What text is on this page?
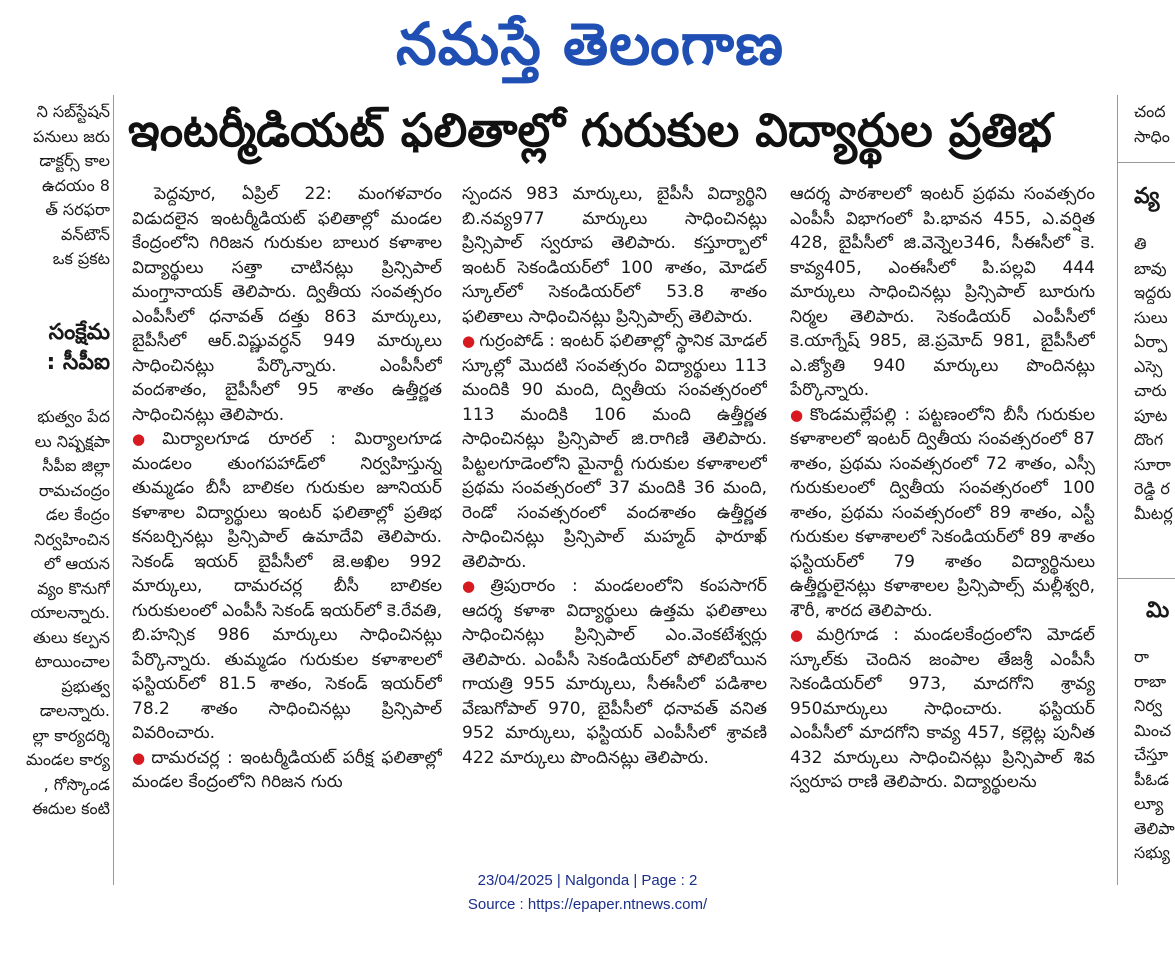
నమస్తే తెలంగాణ
ఇంటర్మీడియట్ ఫలితాల్లో గురుకుల విద్యార్థుల ప్రతిభ
ని సబ్‌స్టేషన్
పనులు జరు
డాక్టర్స్ కాల
ఉదయం 8
త్ సరఫరా
వన్‌టౌన్
ఒక ప్రకట
సంక్షేమ
: సీపీఐ
భుత్వం పేద
లు నిష్పక్షపా
సీపీఐ జిల్లా
రామచంద్రం
డల కేంద్రం
నిర్వహించిన
లో ఆయన
వ్యం కొనుగో
యాలన్నారు.
తులు కల్పన
టాయించాల
ప్రభుత్వ
డాలన్నారు.
ల్లా కార్యదర్శి
మండల కార్య
, గోస్కొండ
ఈదుల కంటి

పెద్దవూర, ఏప్రిల్ 22: మంగళవారం విడుదలైన ఇంటర్మీడియట్ ఫలితాల్లో మండల కేంద్రంలోని గిరిజన గురుకుల బాలుర కళాశాల విద్యార్థులు సత్తా చాటినట్లు ప్రిన్సిపాల్ మంగ్తానాయక్ తెలిపారు. ద్వితీయ సంవత్సరం ఎంపీసీలో ధనావత్ దత్తు 863 మార్కులు, బైపీసీలో ఆర్.విష్ణువర్ధన్ 949 మార్కులు సాధించినట్లు పేర్కొన్నారు. ఎంపీసీలో వందశాతం, బైపీసీలో 95 శాతం ఉత్తీర్ణత సాధించినట్లు తెలిపారు.

● మిర్యాలగూడ రూరల్ : మిర్యాలగూడ మండలం తుంగపహాడ్‌లో నిర్వహిస్తున్న తుమ్మడం బీసీ బాలికల గురుకుల జూనియర్ కళాశాల విద్యార్థులు ఇంటర్ ఫలితాల్లో ప్రతిభ కనబర్చినట్లు ప్రిన్సిపాల్ ఉమాదేవి తెలిపారు. సెకండ్ ఇయర్ బైపీసీలో జె.అఖిల 992 మార్కులు, దామరచర్ల బీసీ బాలికల గురుకులంలో ఎంపీసీ సెకండ్ ఇయర్‌లో కె.రేవతి, బి.హన్సిక 986 మార్కులు సాధించినట్లు పేర్కొన్నారు. తుమ్మడం గురుకుల కళాశాలలో ఫస్టియర్‌లో 81.5 శాతం, సెకండ్ ఇయర్‌లో 78.2 శాతం సాధించినట్లు ప్రిన్సిపాల్ వివరించారు.

● దామరచర్ల : ఇంటర్మీడియట్ పరీక్ష ఫలితాల్లో మండల కేంద్రంలోని గిరిజన గురు

స్పందన 983 మార్కులు, బైపీసీ విద్యార్థిని బి.నవ్య977 మార్కులు సాధించినట్లు ప్రిన్సిపాల్ స్వరూప తెలిపారు. కస్తూర్బాలో ఇంటర్ సెకండియర్‌లో 100 శాతం, మోడల్ స్కూల్‌లో సెకండియర్‌లో 53.8 శాతం ఫలితాలు సాధించినట్లు ప్రిన్సిపాల్స్ తెలిపారు.

● గుర్రంపోడ్ : ఇంటర్ ఫలితాల్లో స్థానిక మోడల్ స్కూల్లో మొదటి సంవత్సరం విద్యార్థులు 113 మందికి 90 మంది, ద్వితీయ సంవత్సరంలో 113 మందికి 106 మంది ఉత్తీర్ణత సాధించినట్లు ప్రిన్సిపాల్ జి.రాగిణి తెలిపారు. పిట్టలగూడెంలోని మైనార్టీ గురుకుల కళాశాలలో ప్రథమ సంవత్సరంలో 37 మందికి 36 మంది, రెండో సంవత్సరంలో వందశాతం ఉత్తీర్ణత సాధించినట్లు ప్రిన్సిపాల్ మహ్మద్ ఫారూఖ్ తెలిపారు.

● త్రిపురారం : మండలంలోని కంపసాగర్ ఆదర్శ కళాశా విద్యార్థులు ఉత్తమ ఫలితాలు సాధించినట్లు ప్రిన్సిపాల్ ఎం.వెంకటేశ్వర్లు తెలిపారు. ఎంపీసీ సెకండియర్‌లో పోలిబోయిన గాయత్రి 955 మార్కులు, సీఈసీలో పడిశాల వేణుగోపాల్ 970, బైపీసీలో ధనావత్ వనిత 952 మార్కులు, ఫస్టియర్ ఎంపీసీలో శ్రావణి 422 మార్కులు పొందినట్లు తెలిపారు.

ఆదర్శ పాఠశాలలో ఇంటర్ ప్రథమ సంవత్సరం ఎంపీసీ విభాగంలో పి.భావన 455, ఎ.వర్షిత 428, బైపీసీలో జి.వెన్నెల346, సీఈసీలో కె. కావ్య405, ఎంఈసీలో పి.పల్లవి 444 మార్కులు సాధించినట్లు ప్రిన్సిపాల్ బూరుగు నిర్మల తెలిపారు. సెకండియర్ ఎంపీసీలో కె.యాగ్నేష్ 985, జె.ప్రమోద్ 981, బైపీసీలో ఎ.జ్యోతి 940 మార్కులు పొందినట్లు పేర్కొన్నారు.

● కొండమల్లేపల్లి : పట్టణంలోని బీసీ గురుకుల కళాశాలలో ఇంటర్ ద్వితీయ సంవత్సరంలో 87 శాతం, ప్రథమ సంవత్సరంలో 72 శాతం, ఎస్సీ గురుకులంలో ద్వితీయ సంవత్సరంలో 100 శాతం, ప్రథమ సంవత్సరంలో 89 శాతం, ఎస్టీ గురుకుల కళాశాలలో సెకండియర్‌లో 89 శాతం ఫస్టియర్‌లో 79 శాతం విద్యార్థినులు ఉత్తీర్ణులైనట్లు కళాశాలల ప్రిన్సిపాల్స్ మల్లీశ్వరి, శౌరీ, శారద తెలిపారు.

● మర్రిగూడ : మండలకేంద్రంలోని మోడల్ స్కూల్‌కు చెందిన జంపాల తేజశ్రీ ఎంపీసీ సెకండియర్‌లో 973, మాదగోని శ్రావ్య 950మార్కులు సాధించారు. ఫస్టియర్ ఎంపీసీలో మాదగోని కావ్య 457, కల్లెట్ల పునీత 432 మార్కులు సాధించినట్లు ప్రిన్సిపాల్ శివ స్వరూప రాణి తెలిపారు. విద్యార్థులను

చంద
సాధిం
వ్య
తి
బావు
ఇద్దరు
సులు
ఏర్పా
ఎస్సె
చారు
పూట
దొంగ
సూరా
రెడ్డి ర
మీటర్ల
మి
రా
రాబా
నిర్వ
మించ
చేస్తూ
పీఓడ
ల్యూ
తెలిపా
సభ్యు
23/04/2025 | Nalgonda | Page : 2
Source : https://epaper.ntnews.com/
